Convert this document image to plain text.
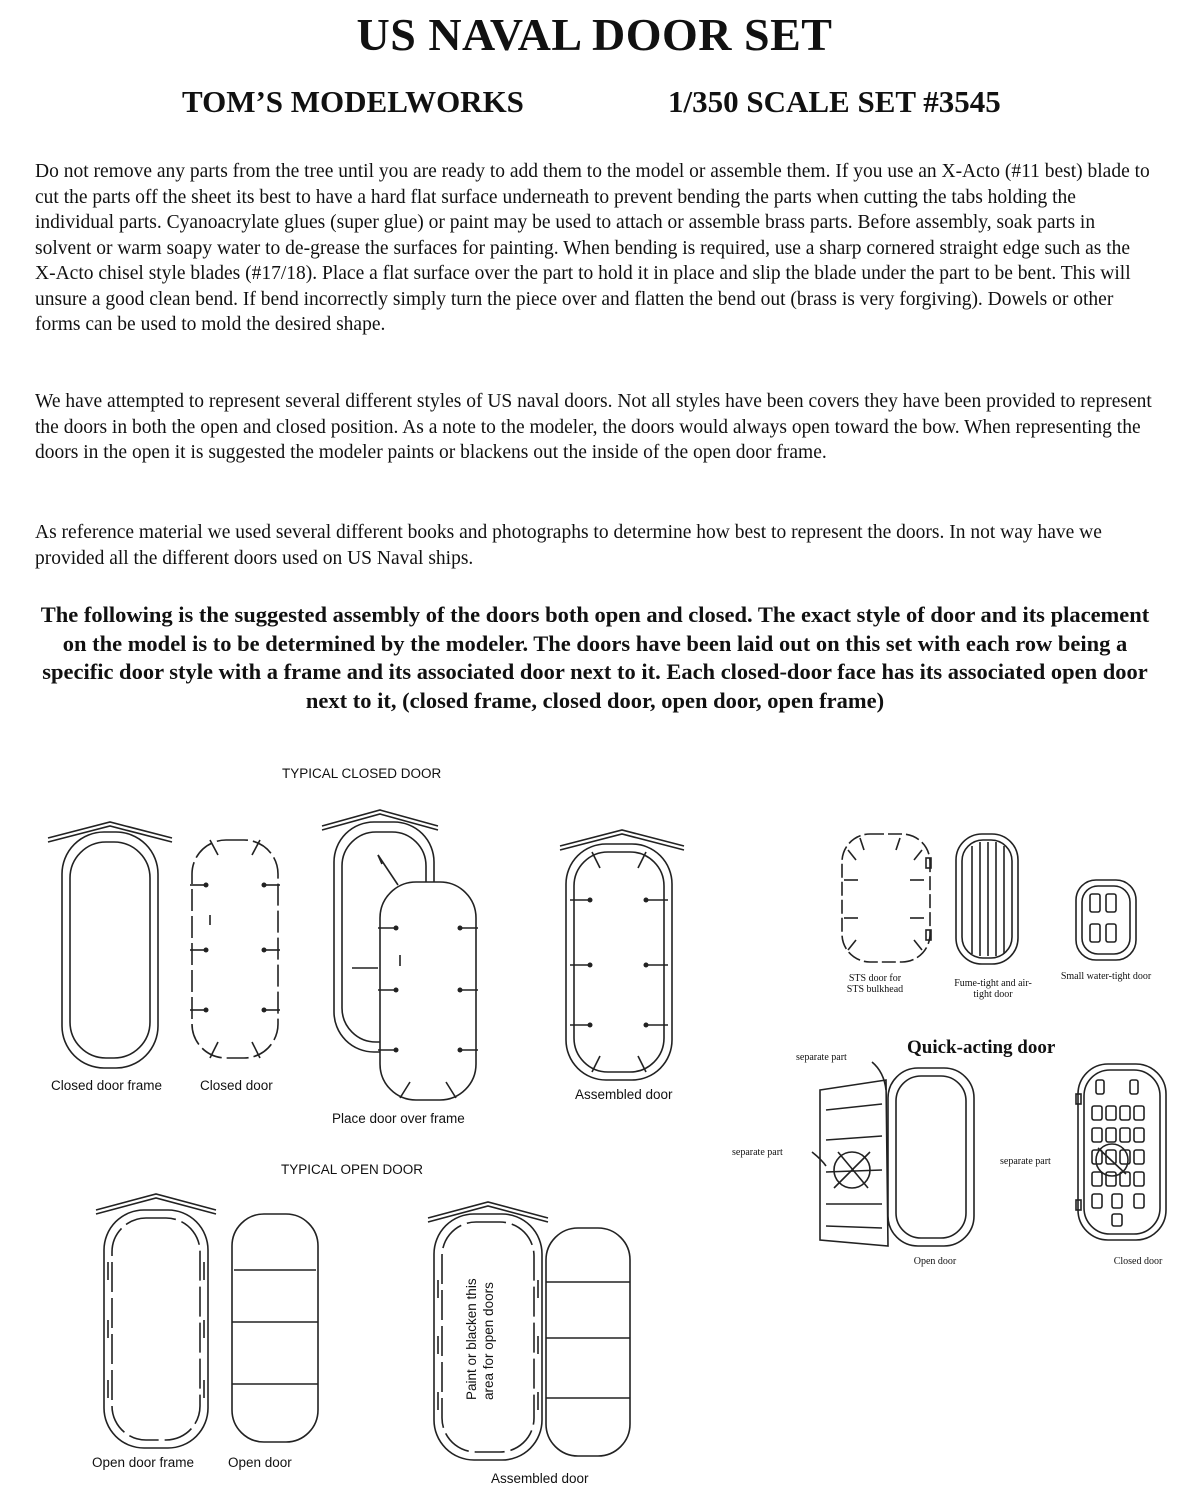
US NAVAL DOOR SET
TOM’S MODELWORKS	1/350 SCALE SET #3545

Do not remove any parts from the tree until you are ready to add them to the model or assemble them. If you use an X-Acto (#11 best) blade to cut the parts off the sheet its best to have a hard flat surface underneath to prevent bending the parts when cutting the tabs holding the individual parts. Cyanoacrylate glues (super glue) or paint may be used to attach or assemble brass parts. Before assembly, soak parts in solvent or warm soapy water to de-grease the surfaces for painting. When bending is required, use a sharp cornered straight edge such as the X-Acto chisel style blades (#17/18). Place a flat surface over the part to hold it in place and slip the blade under the part to be bent. This will unsure a good clean bend. If bend incorrectly simply turn the piece over and flatten the bend out (brass is very forgiving). Dowels or other forms can be used to mold the desired shape.

We have attempted to represent several different styles of US naval doors. Not all styles have been covers they have been provided to represent the doors in both the open and closed position. As a note to the modeler, the doors would always open toward the bow. When representing the doors in the open it is suggested the modeler paints or blackens out the inside of the open door frame.

As reference material we used several different books and photographs to determine how best to represent the doors. In not way have we provided all the different doors used on US Naval ships.

The following is the suggested assembly of the doors both open and closed. The exact style of door and its placement on the model is to be determined by the modeler. The doors have been laid out on this set with each row being a specific door style with a frame and its associated door next to it. Each closed-door face has its associated open door next to it, (closed frame, closed door, open door, open frame)

TYPICAL CLOSED DOOR
Closed door frame	Closed door
Place door over frame
Assembled door
TYPICAL OPEN DOOR
Open door frame	Open door
Assembled door
Paint or blacken this area for open doors
STS door for STS bulkhead
Fume-tight and air-tight door
Small water-tight door
Quick-acting door
separate part
separate part
separate part
Open door	Closed door
